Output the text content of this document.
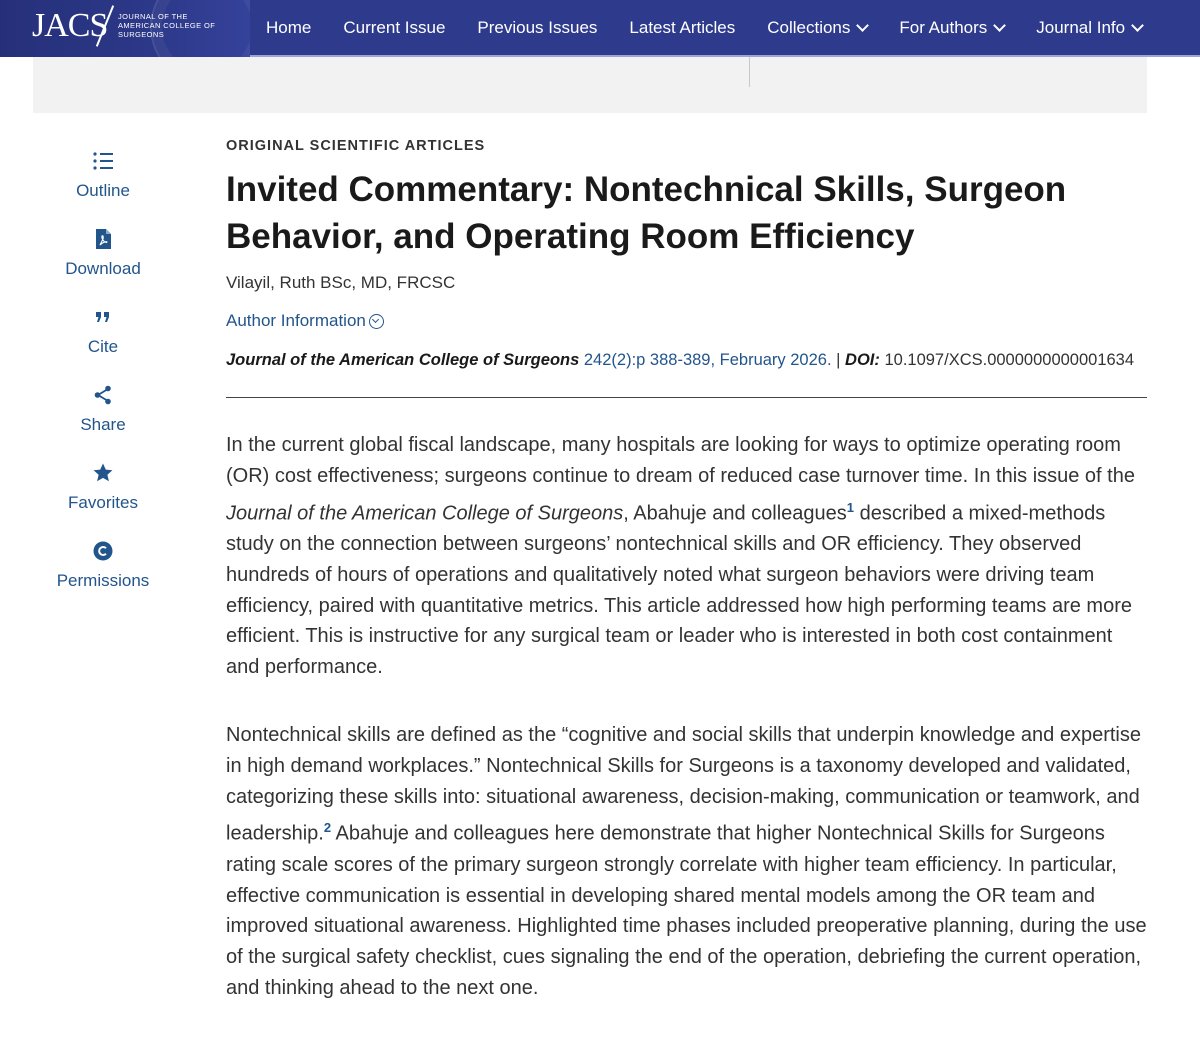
JACS JOURNAL OF THE AMERICAN COLLEGE OF SURGEONS	Home Current Issue Previous Issues Latest Articles Collections	For Authors	Journal Info
Outline
Download
Cite
Share
Favorites
Permissions
ORIGINAL SCIENTIFIC ARTICLES
Invited Commentary: Nontechnical Skills, Surgeon Behavior, and Operating Room Efficiency
Vilayil, Ruth BSc, MD, FRCSC
Author Information
Journal of the American College of Surgeons 242(2):p 388-389, February 2026. | DOI: 10.1097/XCS.0000000000001634

In the current global fiscal landscape, many hospitals are looking for ways to optimize operating room (OR) cost effectiveness; surgeons continue to dream of reduced case turnover time. In this issue of the Journal of the American College of Surgeons, Abahuje and colleagues$^1$ described a mixed-methods study on the connection between surgeons’ nontechnical skills and OR efficiency. They observed hundreds of hours of operations and qualitatively noted what surgeon behaviors were driving team efficiency, paired with quantitative metrics. This article addressed how high performing teams are more efficient. This is instructive for any surgical team or leader who is interested in both cost containment and performance.

Nontechnical skills are defined as the “cognitive and social skills that underpin knowledge and expertise in high demand workplaces.” Nontechnical Skills for Surgeons is a taxonomy developed and validated, categorizing these skills into: situational awareness, decision-making, communication or teamwork, and leadership.$^2$ Abahuje and colleagues here demonstrate that higher Nontechnical Skills for Surgeons rating scale scores of the primary surgeon strongly correlate with higher team efficiency. In particular, effective communication is essential in developing shared mental models among the OR team and improved situational awareness. Highlighted time phases included preoperative planning, during the use of the surgical safety checklist, cues signaling the end of the operation, debriefing the current operation, and thinking ahead to the next one.
